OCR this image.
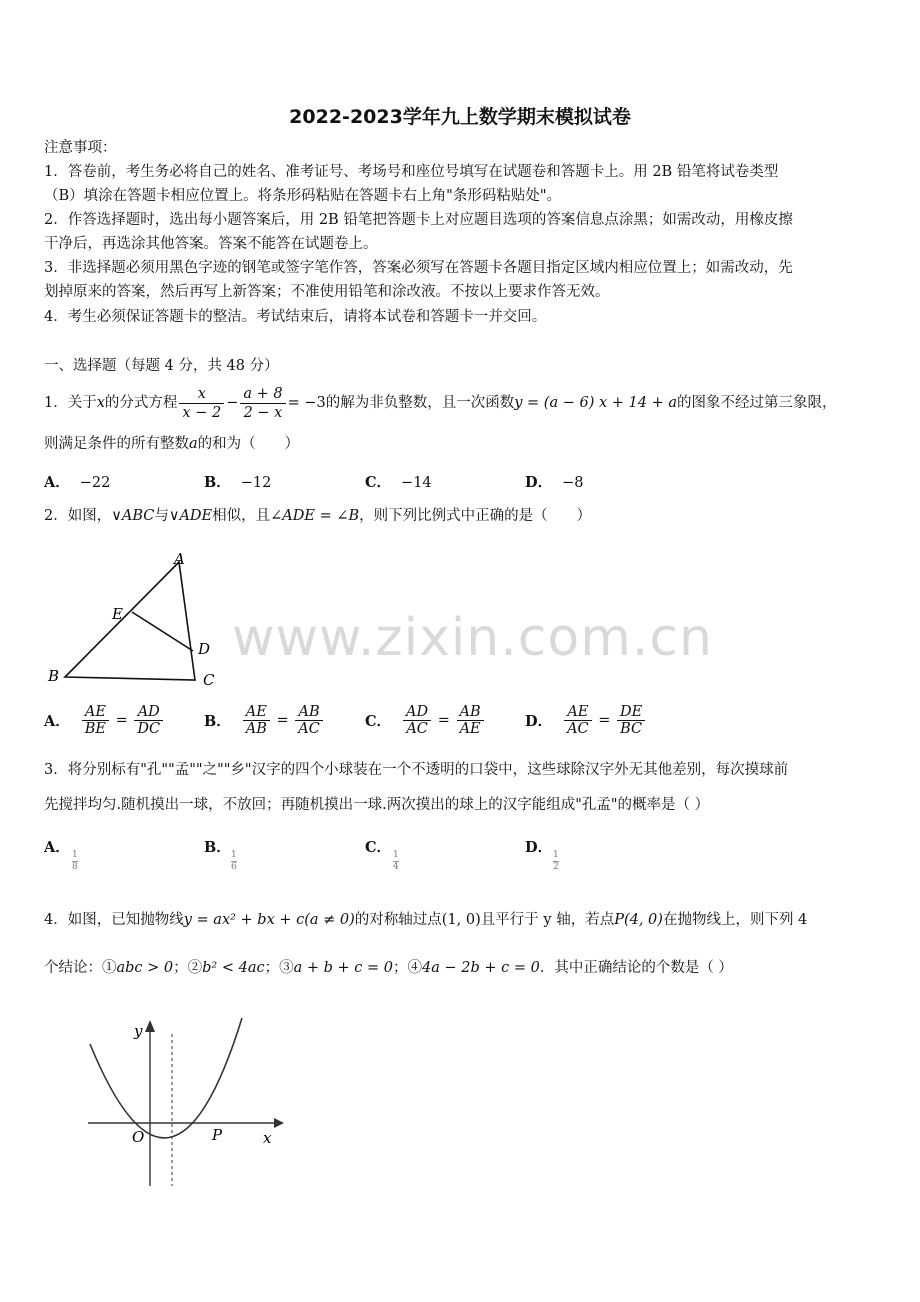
2022-2023学年九上数学期末模拟试卷
注意事项：
1．答卷前，考生务必将自己的姓名、准考证号、考场号和座位号填写在试题卷和答题卡上。用 2B 铅笔将试卷类型
（B）填涂在答题卡相应位置上。将条形码粘贴在答题卡右上角"条形码粘贴处"。
2．作答选择题时，选出每小题答案后，用 2B 铅笔把答题卡上对应题目选项的答案信息点涂黑；如需改动，用橡皮擦
干净后，再选涂其他答案。答案不能答在试题卷上。
3．非选择题必须用黑色字迹的钢笔或签字笔作答，答案必须写在答题卡各题目指定区域内相应位置上；如需改动，先
划掉原来的答案，然后再写上新答案；不准使用铅笔和涂改液。不按以上要求作答无效。
4．考生必须保证答题卡的整洁。考试结束后，请将本试卷和答题卡一并交回。
一、选择题（每题 4 分，共 48 分）
1．关于x的分式方程 $\frac{x}{x - 2} - \frac{a + 8}{2 - x} = -3$的解为非负整数，且一次函数y = (a − 6) x + 14 + a的图象不经过第三象限，
则满足条件的所有整数a的和为（　　）
A． −22	B． −12	C． −14	D． −8
2．如图，∨ABC与∨ADE相似，且∠ADE = ∠B，则下列比例式中正确的是（　　）
A
B	C
D
E www.zixin.com.cn
A． $\frac{AE}{BE} = \frac{AD}{DC}$	B． $\frac{AE}{AB} = \frac{AB}{AC}$	C． $\frac{AD}{AC} = \frac{AB}{AE}$	D． $\frac{AE}{AC} = \frac{DE}{BC}$
3．将分别标有"孔""孟""之""乡"汉字的四个小球装在一个不透明的口袋中，这些球除汉字外无其他差别，每次摸球前
先搅拌均匀.随机摸出一球，不放回；再随机摸出一球.两次摸出的球上的汉字能组成"孔孟"的概率是（ ）
A．
$\frac{1}{8}$
B．
$\frac{1}{6}$
C．
$\frac{1}{4}$
D．
$\frac{1}{2}$
4．如图，已知抛物线y = ax² + bx + c(a ≠ 0)的对称轴过点(1, 0)且平行于 y 轴，若点P(4, 0)在抛物线上，则下列 4
个结论：①abc > 0；②b² < 4ac；③a + b + c = 0；④4a − 2b + c = 0．其中正确结论的个数是（ ）
y
x
O	P
